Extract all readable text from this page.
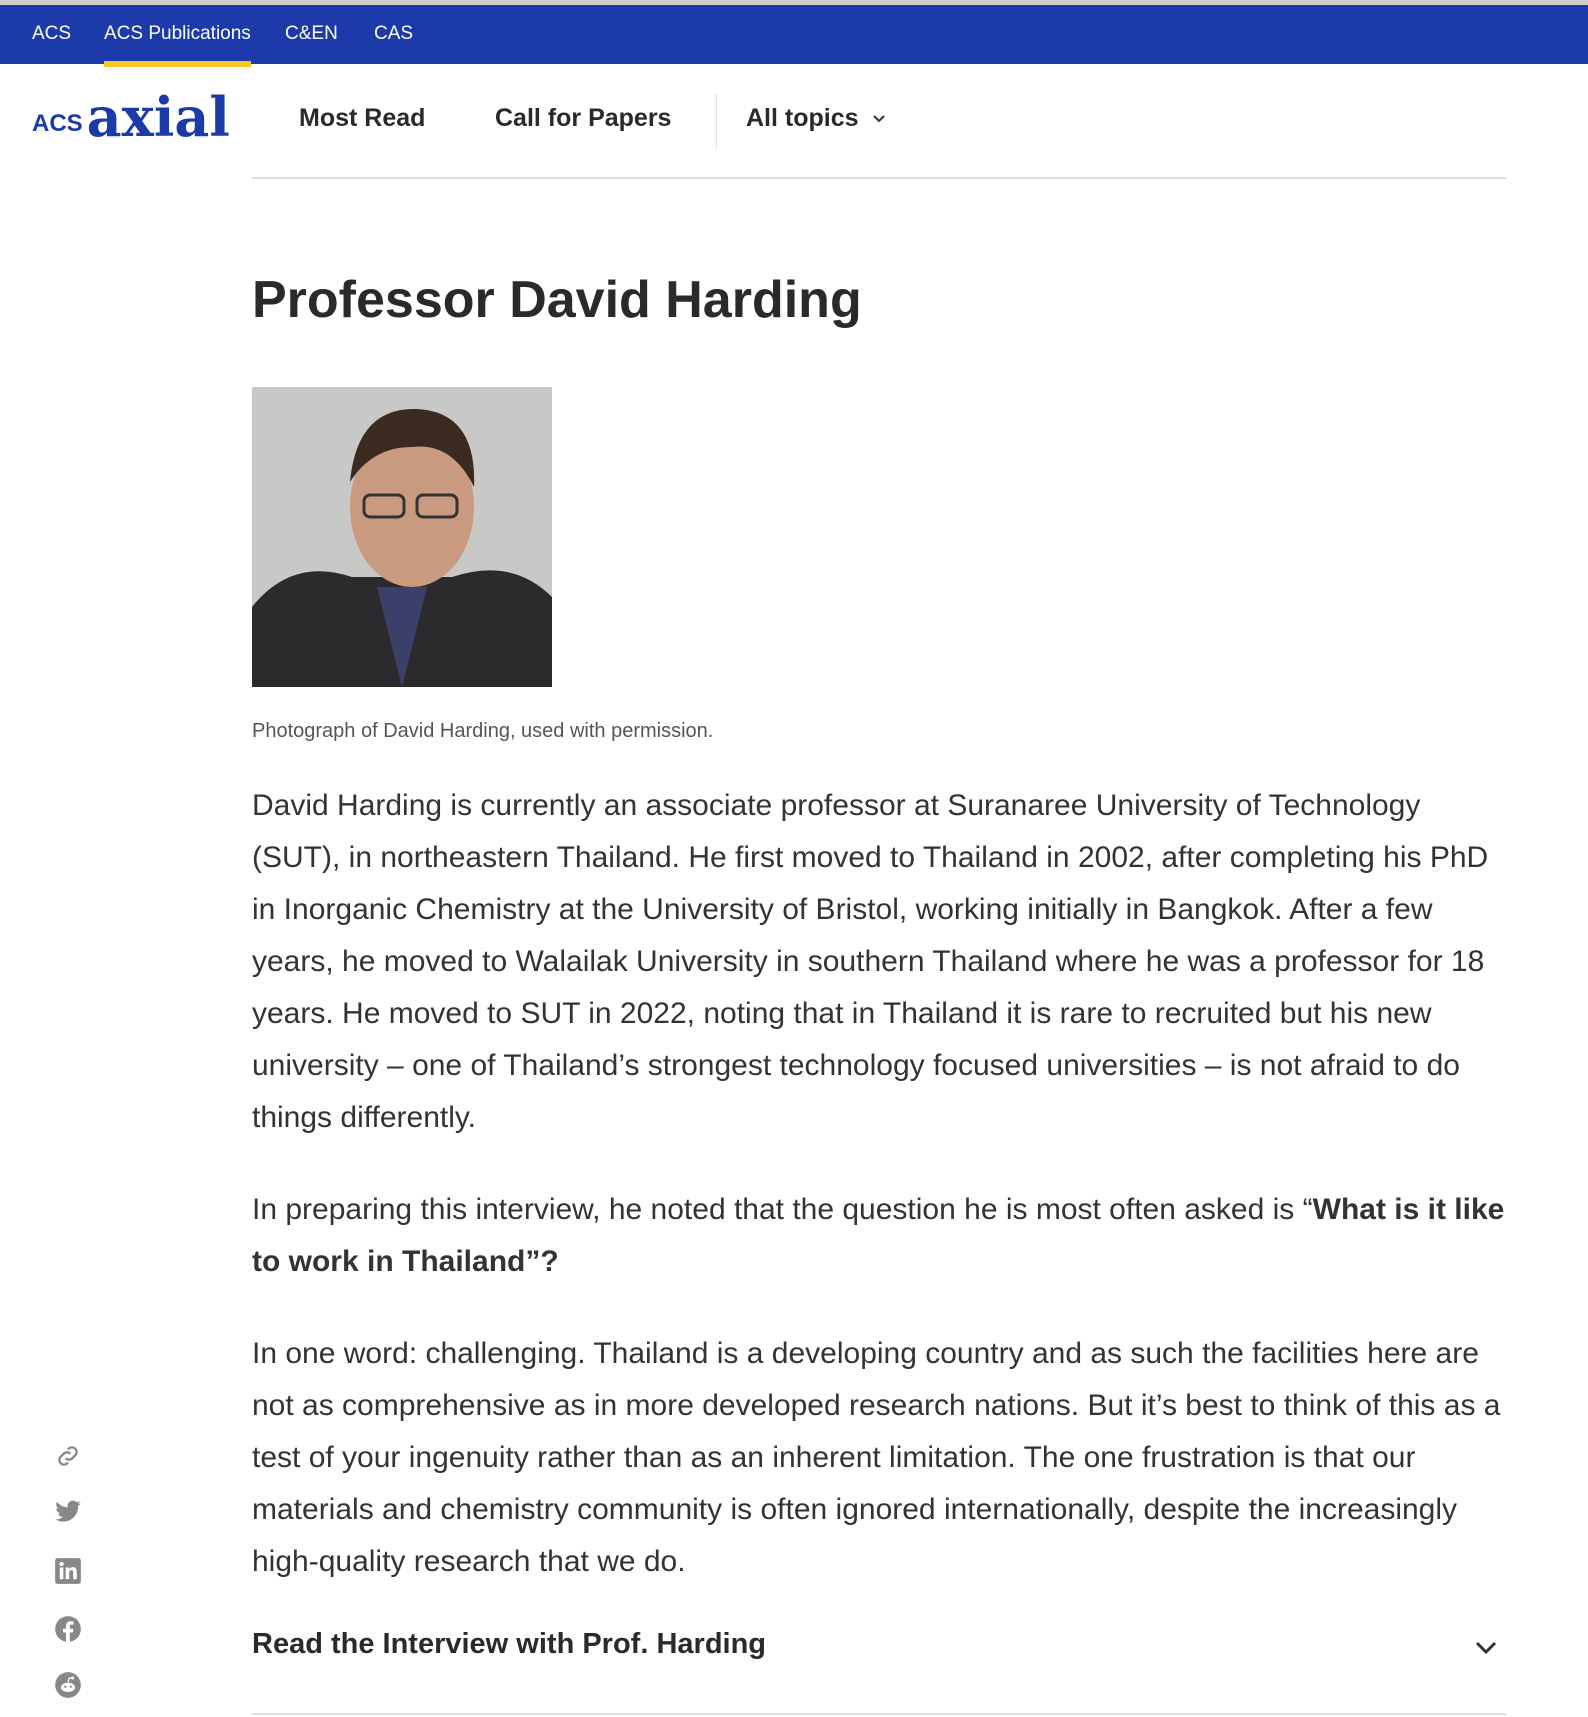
ACS ACS Publications C&EN CAS
ACS axial	Most Read	Call for Papers	All topics
Professor David Harding
Photograph of David Harding, used with permission.

David Harding is currently an associate professor at Suranaree University of Technology (SUT), in northeastern Thailand. He first moved to Thailand in 2002, after completing his PhD in Inorganic Chemistry at the University of Bristol, working initially in Bangkok. After a few years, he moved to Walailak University in southern Thailand where he was a professor for 18 years. He moved to SUT in 2022, noting that in Thailand it is rare to recruited but his new university – one of Thailand’s strongest technology focused universities – is not afraid to do things differently.

In preparing this interview, he noted that the question he is most often asked is “What is it like to work in Thailand”?

In one word: challenging. Thailand is a developing country and as such the facilities here are not as comprehensive as in more developed research nations. But it’s best to think of this as a test of your ingenuity rather than as an inherent limitation. The one frustration is that our materials and chemistry community is often ignored internationally, despite the increasingly high-quality research that we do.

Read the Interview with Prof. Harding
